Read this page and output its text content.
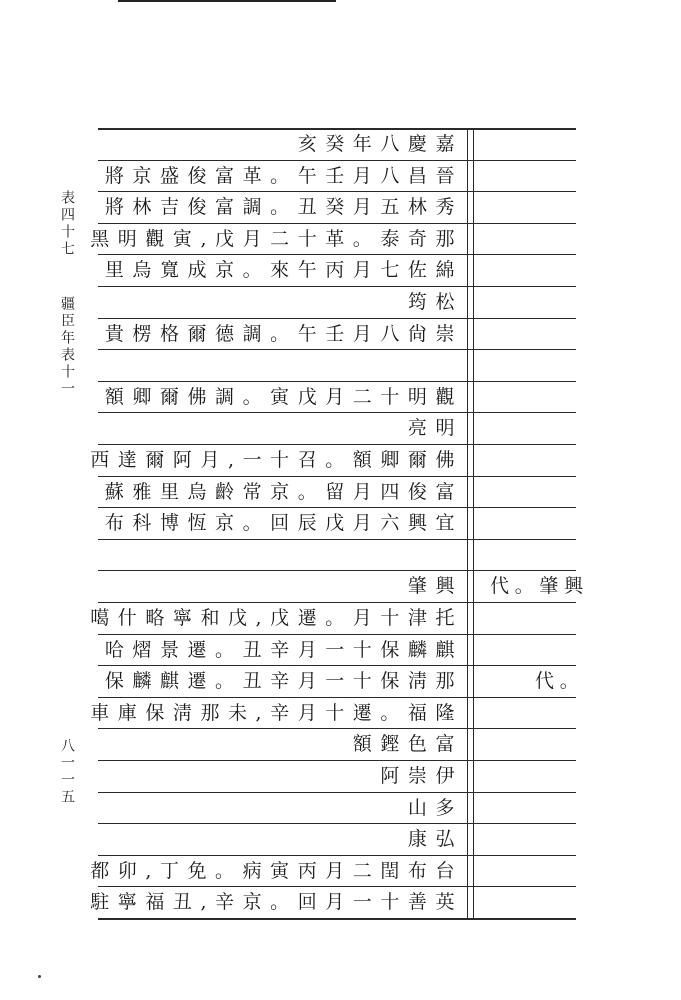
表四十七
疆臣年表十一
八一一五
亥癸年八慶嘉
將京盛俊富革。午壬月八昌晉
將林吉俊富調。丑癸月五林秀
黑明觀寅,戊月二十革。泰奇那
里烏寬成京。來午丙月七佐綿
筠松
貴楞格爾德調。午壬月八尙崇
額卿爾佛調。寅戊月二十明觀
亮明
西達爾阿月,一十召。額卿爾佛
蘇雅里烏齡常京。留月四俊富
布科博恆京。回辰戊月六興宜
肇興 代。肇興
噶什略寧和戊,戊遷。月十津托
哈熠景遷。丑辛月一十保麟麒
保麟麒遷。丑辛月一十保淸那	代。
車庫保淸那未,辛月十遷。福隆
額鏗色富
阿崇伊
山多
康弘
都卯,丁免。病寅丙月二閏布台
駐寧福丑,辛京。回月一十善英
